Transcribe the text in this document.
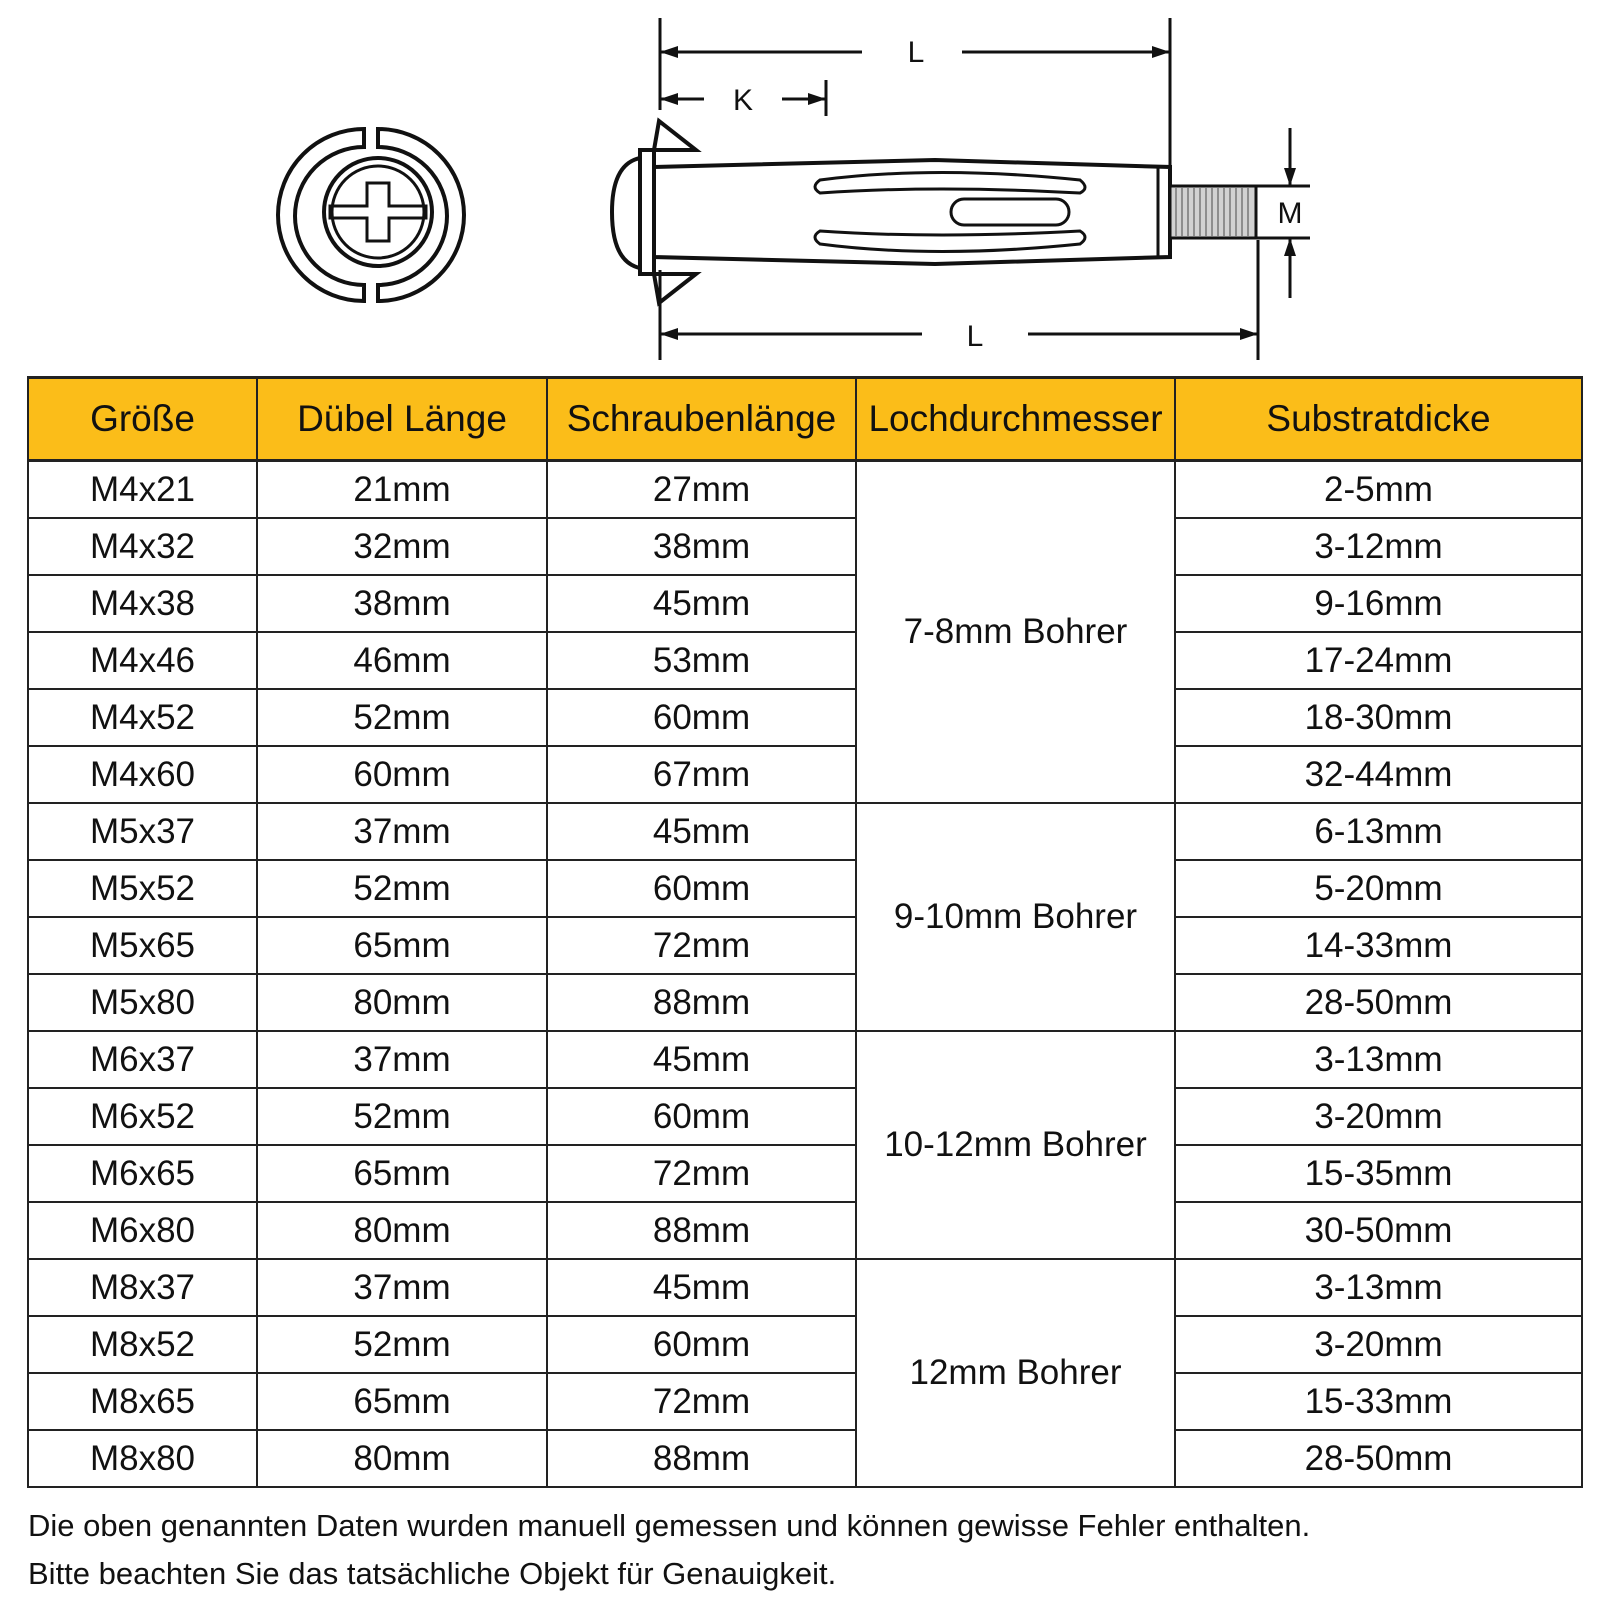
L
K
M
L
Größe	Dübel Länge	Schraubenlänge	Lochdurchmesser	Substratdicke
M4x21	21mm	27mm	7-8mm Bohrer	2-5mm
M4x32	32mm	38mm		3-12mm
M4x38	38mm	45mm		9-16mm
M4x46	46mm	53mm		17-24mm
M4x52	52mm	60mm		18-30mm
M4x60	60mm	67mm		32-44mm
M5x37	37mm	45mm	9-10mm Bohrer	6-13mm
M5x52	52mm	60mm		5-20mm
M5x65	65mm	72mm		14-33mm
M5x80	80mm	88mm		28-50mm
M6x37	37mm	45mm	10-12mm Bohrer	3-13mm
M6x52	52mm	60mm		3-20mm
M6x65	65mm	72mm		15-35mm
M6x80	80mm	88mm		30-50mm
M8x37	37mm	45mm	12mm Bohrer	3-13mm
M8x52	52mm	60mm		3-20mm
M8x65	65mm	72mm		15-33mm
M8x80	80mm	88mm		28-50mm
Die oben genannten Daten wurden manuell gemessen und können gewisse Fehler enthalten.
Bitte beachten Sie das tatsächliche Objekt für Genauigkeit.
